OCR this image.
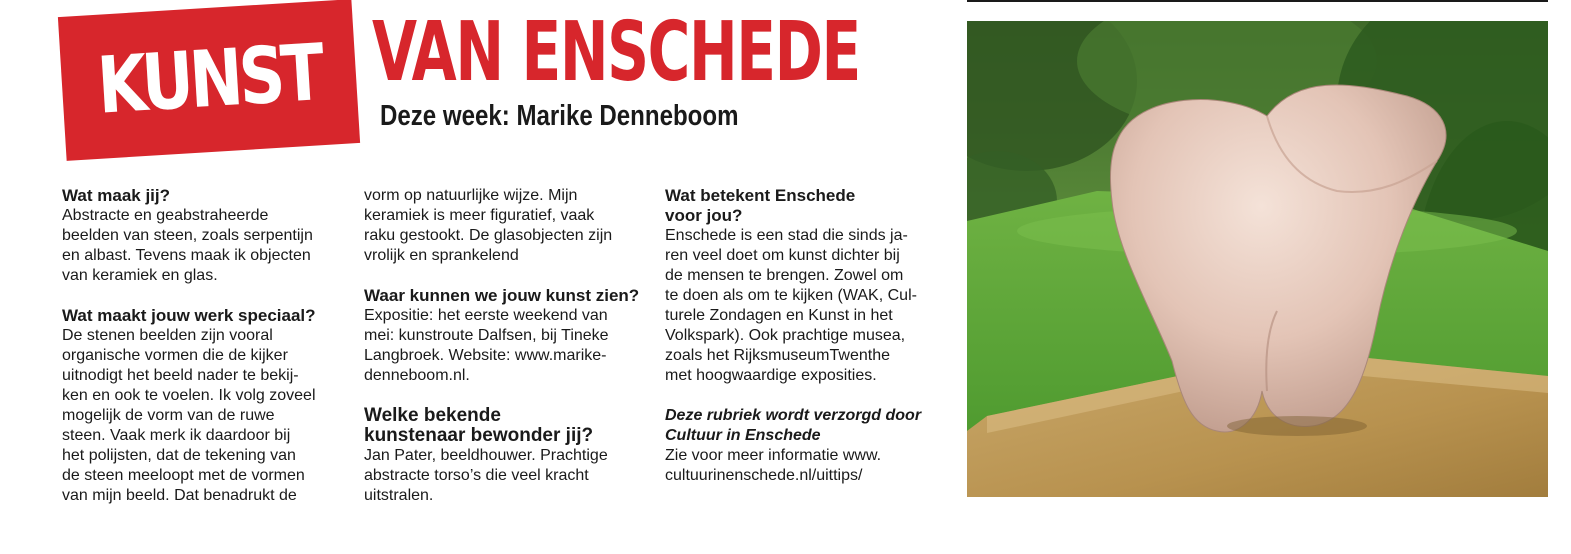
KUNST VAN ENSCHEDE
Deze week: Marike Denneboom

Wat maak jij?

Abstracte en geabstraheerde

beelden van steen, zoals serpentijn

en albast. Tevens maak ik objecten

van keramiek en glas.

Wat maakt jouw werk speciaal?

De stenen beelden zijn vooral

organische vormen die de kijker

uitnodigt het beeld nader te bekij-

ken en ook te voelen. Ik volg zoveel

mogelijk de vorm van de ruwe

steen. Vaak merk ik daardoor bij

het polijsten, dat de tekening van

de steen meeloopt met de vormen

van mijn beeld. Dat benadrukt de

vorm op natuurlijke wijze. Mijn

keramiek is meer figuratief, vaak

raku gestookt. De glasobjecten zijn

vrolijk en sprankelend

Waar kunnen we jouw kunst zien?

Expositie: het eerste weekend van

mei: kunstroute Dalfsen, bij Tineke

Langbroek. Website: www.marike-

denneboom.nl.

Welke bekende

kunstenaar bewonder jij?

Jan Pater, beeldhouwer. Prachtige

abstracte torso’s die veel kracht

uitstralen.

Wat betekent Enschede

voor jou?

Enschede is een stad die sinds ja-

ren veel doet om kunst dichter bij

de mensen te brengen. Zowel om

te doen als om te kijken (WAK, Cul-

turele Zondagen en Kunst in het

Volkspark). Ook prachtige musea,

zoals het RijksmuseumTwenthe

met hoogwaardige exposities.

Deze rubriek wordt verzorgd door

Cultuur in Enschede

Zie voor meer informatie www.

cultuurinenschede.nl/uittips/
